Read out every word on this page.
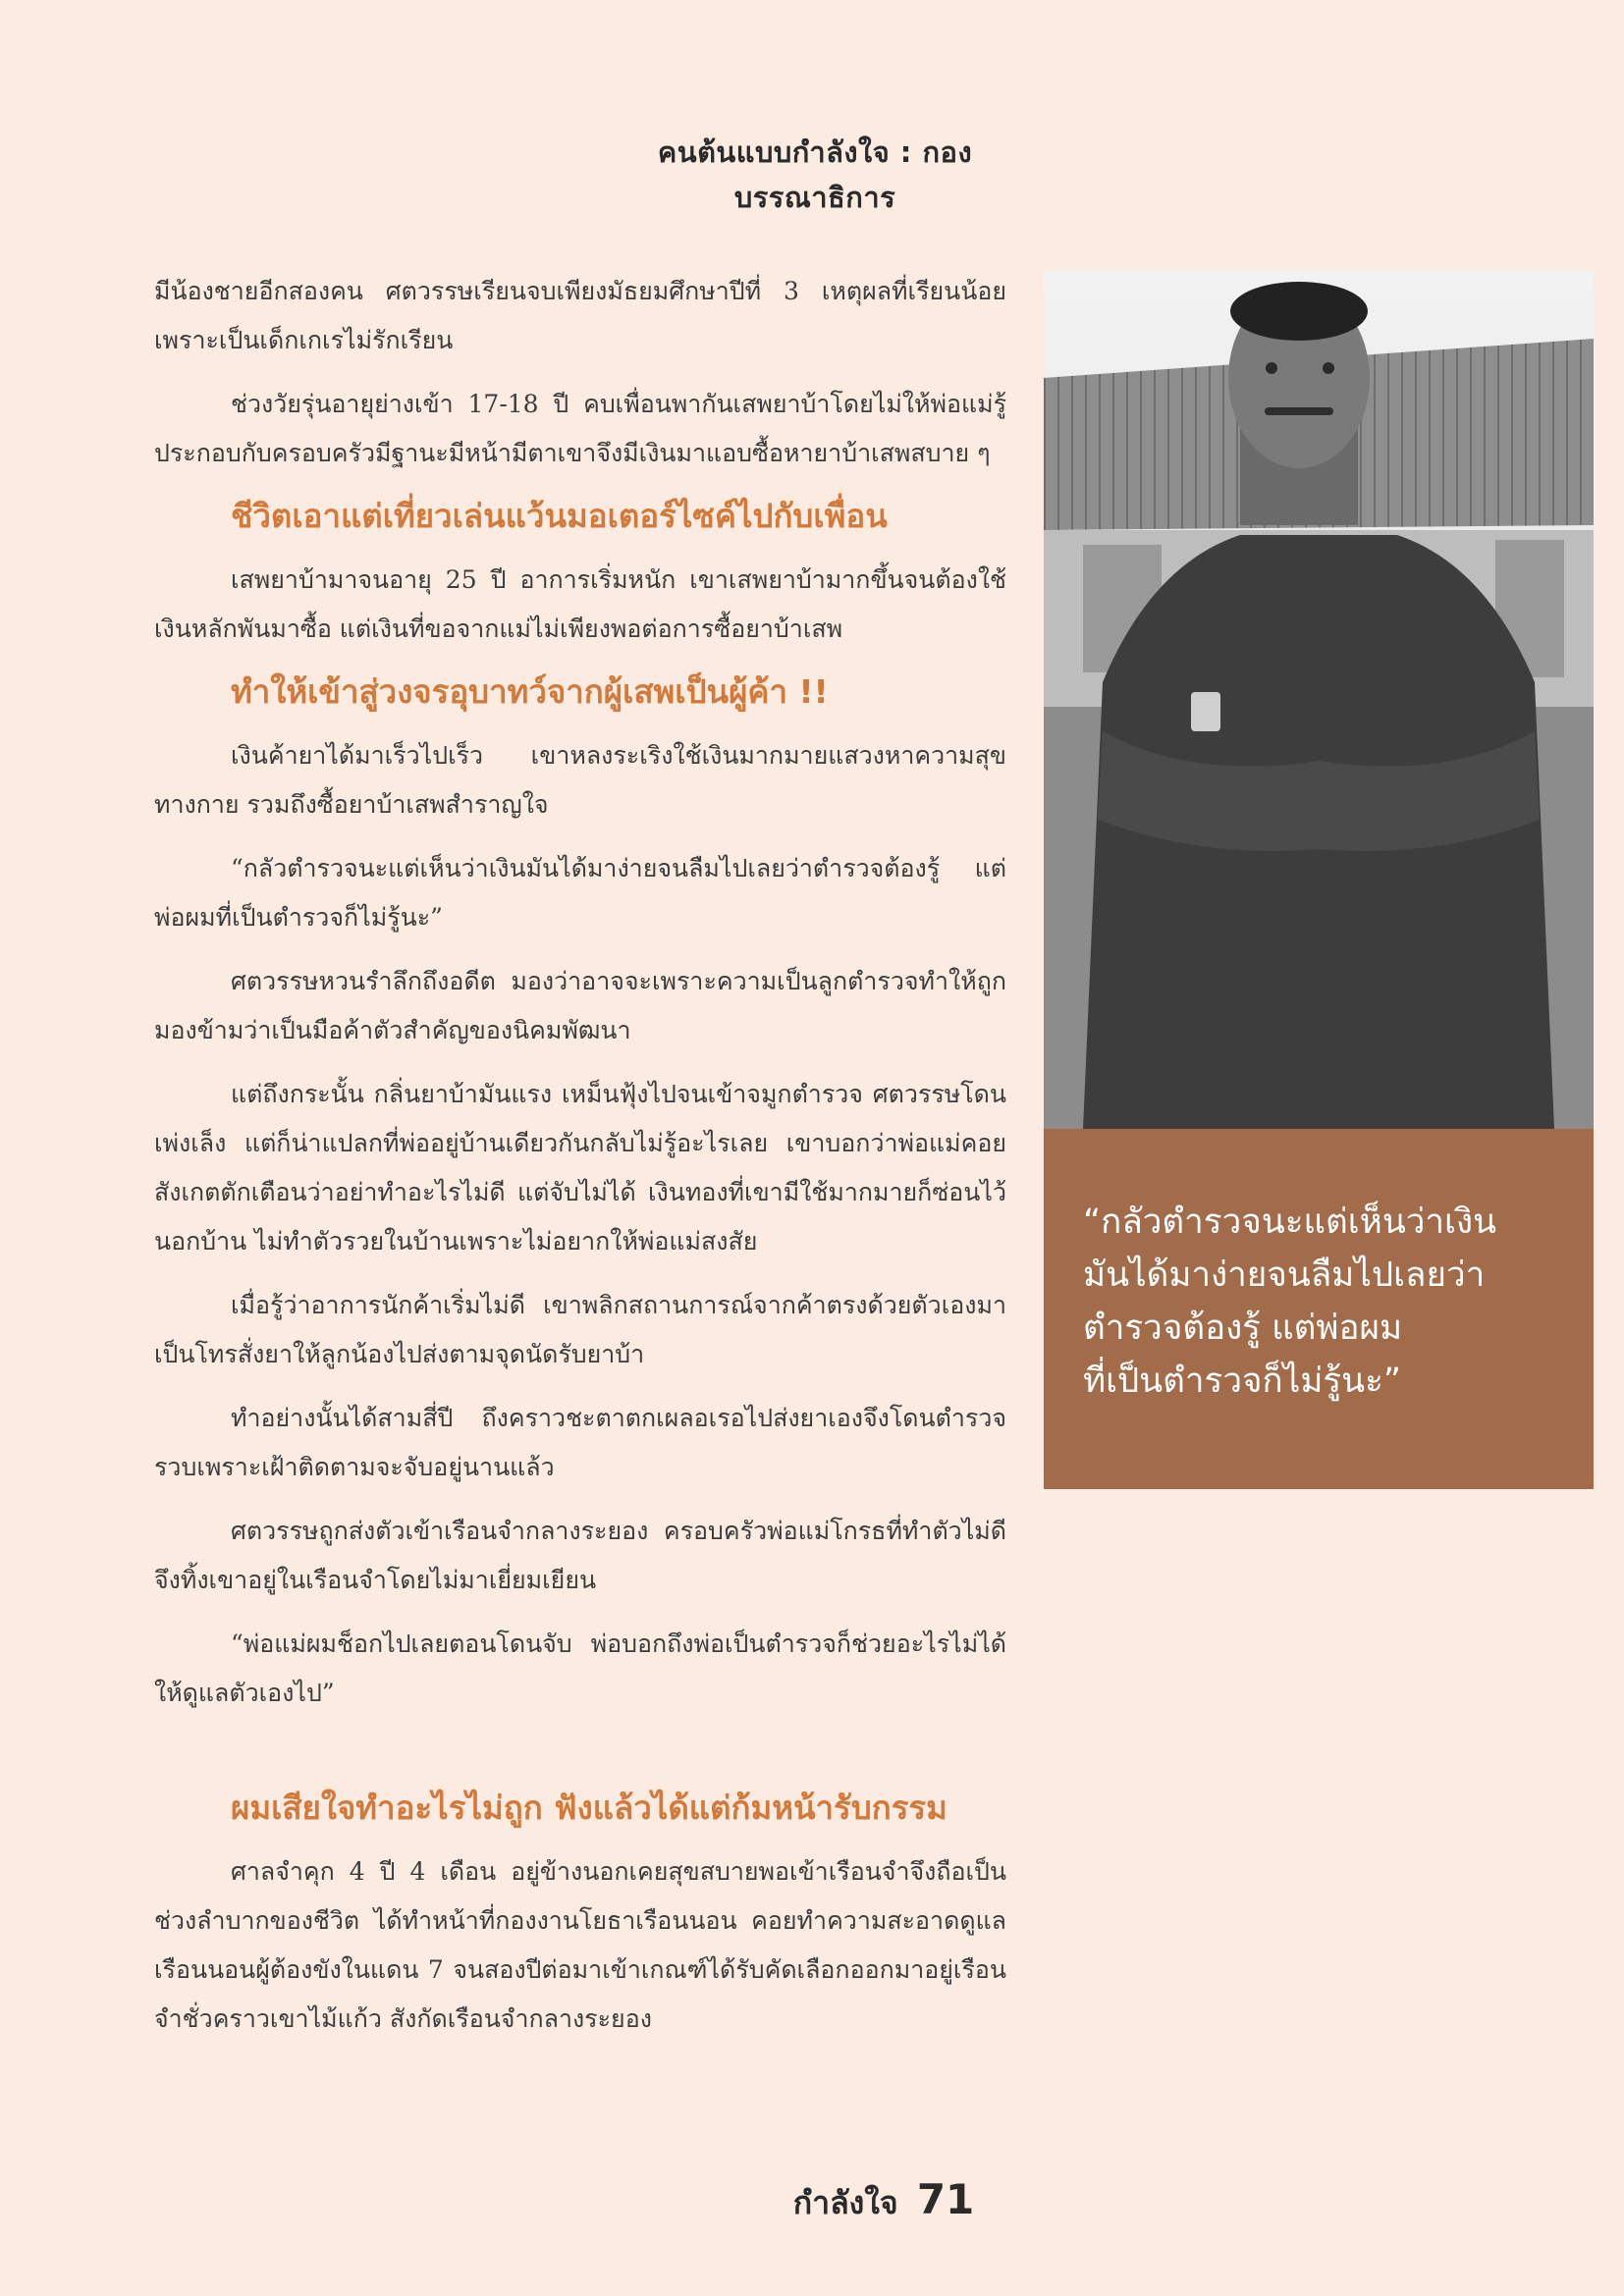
คนต้นแบบกำลังใจ : กองบรรณาธิการ

มีน้องชายอีกสองคน ศตวรรษเรียนจบเพียงมัธยมศึกษาปีที่ 3 เหตุผลที่เรียนน้อยเพราะเป็นเด็กเกเรไม่รักเรียน

ช่วงวัยรุ่นอายุย่างเข้า 17-18 ปี คบเพื่อนพากันเสพยาบ้าโดยไม่ให้พ่อแม่รู้ ประกอบกับครอบครัวมีฐานะมีหน้ามีตาเขาจึงมีเงินมาแอบซื้อหายาบ้าเสพสบาย ๆ

ชีวิตเอาแต่เที่ยวเล่นแว้นมอเตอร์ไซค์ไปกับเพื่อน

เสพยาบ้ามาจนอายุ 25 ปี อาการเริ่มหนัก เขาเสพยาบ้ามากขึ้นจนต้องใช้เงินหลักพันมาซื้อ แต่เงินที่ขอจากแม่ไม่เพียงพอต่อการซื้อยาบ้าเสพ

ทำให้เข้าสู่วงจรอุบาทว์จากผู้เสพเป็นผู้ค้า !!

เงินค้ายาได้มาเร็วไปเร็ว เขาหลงระเริงใช้เงินมากมายแสวงหาความสุขทางกาย รวมถึงซื้อยาบ้าเสพสำราญใจ

“กลัวตำรวจนะแต่เห็นว่าเงินมันได้มาง่ายจนลืมไปเลยว่าตำรวจต้องรู้ แต่พ่อผมที่เป็นตำรวจก็ไม่รู้นะ”

ศตวรรษหวนรำลึกถึงอดีต มองว่าอาจจะเพราะความเป็นลูกตำรวจทำให้ถูกมองข้ามว่าเป็นมือค้าตัวสำคัญของนิคมพัฒนา

แต่ถึงกระนั้น กลิ่นยาบ้ามันแรง เหม็นฟุ้งไปจนเข้าจมูกตำรวจ ศตวรรษโดนเพ่งเล็ง แต่ก็น่าแปลกที่พ่ออยู่บ้านเดียวกันกลับไม่รู้อะไรเลย เขาบอกว่าพ่อแม่คอยสังเกตตักเตือนว่าอย่าทำอะไรไม่ดี แต่จับไม่ได้ เงินทองที่เขามีใช้มากมายก็ซ่อนไว้นอกบ้าน ไม่ทำตัวรวยในบ้านเพราะไม่อยากให้พ่อแม่สงสัย

เมื่อรู้ว่าอาการนักค้าเริ่มไม่ดี เขาพลิกสถานการณ์จากค้าตรงด้วยตัวเองมาเป็นโทรสั่งยาให้ลูกน้องไปส่งตามจุดนัดรับยาบ้า

ทำอย่างนั้นได้สามสี่ปี ถึงคราวชะตาตกเผลอเรอไปส่งยาเองจึงโดนตำรวจรวบเพราะเฝ้าติดตามจะจับอยู่นานแล้ว

ศตวรรษถูกส่งตัวเข้าเรือนจำกลางระยอง ครอบครัวพ่อแม่โกรธที่ทำตัวไม่ดีจึงทิ้งเขาอยู่ในเรือนจำโดยไม่มาเยี่ยมเยียน

“พ่อแม่ผมช็อกไปเลยตอนโดนจับ พ่อบอกถึงพ่อเป็นตำรวจก็ช่วยอะไรไม่ได้ให้ดูแลตัวเองไป”

ผมเสียใจทำอะไรไม่ถูก ฟังแล้วได้แต่ก้มหน้ารับกรรม

ศาลจำคุก 4 ปี 4 เดือน อยู่ข้างนอกเคยสุขสบายพอเข้าเรือนจำจึงถือเป็นช่วงลำบากของชีวิต ได้ทำหน้าที่กองงานโยธาเรือนนอน คอยทำความสะอาดดูแลเรือนนอนผู้ต้องขังในแดน 7 จนสองปีต่อมาเข้าเกณฑ์ได้รับคัดเลือกออกมาอยู่เรือนจำชั่วคราวเขาไม้แก้ว สังกัดเรือนจำกลางระยอง

“กลัวตำรวจนะแต่เห็นว่าเงิน
มันได้มาง่ายจนลืมไปเลยว่า
ตำรวจต้องรู้ แต่พ่อผม
ที่เป็นตำรวจก็ไม่รู้นะ”
กำลังใจ 71
